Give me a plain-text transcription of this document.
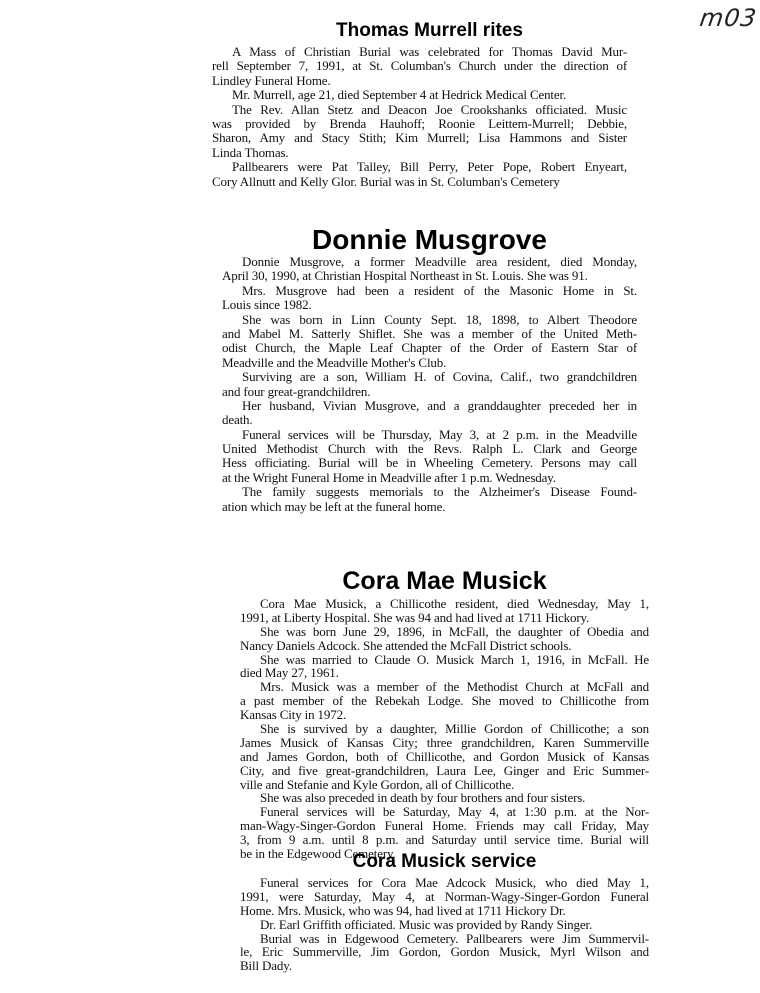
m03
Thomas Murrell rites
A Mass of Christian Burial was celebrated for Thomas David Mur-
rell September 7, 1991, at St. Columban's Church under the direction of
Lindley Funeral Home.
Mr. Murrell, age 21, died September 4 at Hedrick Medical Center.
The Rev. Allan Stetz and Deacon Joe Crookshanks officiated. Music
was provided by Brenda Hauhoff; Roonie Leittem-Murrell; Debbie,
Sharon, Amy and Stacy Stith; Kim Murrell; Lisa Hammons and Sister
Linda Thomas.
Pallbearers were Pat Talley, Bill Perry, Peter Pope, Robert Enyeart,
Cory Allnutt and Kelly Glor. Burial was in St. Columban's Cemetery
Donnie Musgrove
Donnie Musgrove, a former Meadville area resident, died Monday,
April 30, 1990, at Christian Hospital Northeast in St. Louis. She was 91.
Mrs. Musgrove had been a resident of the Masonic Home in St.
Louis since 1982.
She was born in Linn County Sept. 18, 1898, to Albert Theodore
and Mabel M. Satterly Shiflet. She was a member of the United Meth-
odist Church, the Maple Leaf Chapter of the Order of Eastern Star of
Meadville and the Meadville Mother's Club.
Surviving are a son, William H. of Covina, Calif., two grandchildren
and four great-grandchildren.
Her husband, Vivian Musgrove, and a granddaughter preceded her in
death.
Funeral services will be Thursday, May 3, at 2 p.m. in the Meadville
United Methodist Church with the Revs. Ralph L. Clark and George
Hess officiating. Burial will be in Wheeling Cemetery. Persons may call
at the Wright Funeral Home in Meadville after 1 p.m. Wednesday.
The family suggests memorials to the Alzheimer's Disease Found-
ation which may be left at the funeral home.
Cora Mae Musick
Cora Mae Musick, a Chillicothe resident, died Wednesday, May 1,
1991, at Liberty Hospital. She was 94 and had lived at 1711 Hickory.
She was born June 29, 1896, in McFall, the daughter of Obedia and
Nancy Daniels Adcock. She attended the McFall District schools.
She was married to Claude O. Musick March 1, 1916, in McFall. He
died May 27, 1961.
Mrs. Musick was a member of the Methodist Church at McFall and
a past member of the Rebekah Lodge. She moved to Chillicothe from
Kansas City in 1972.
She is survived by a daughter, Millie Gordon of Chillicothe; a son
James Musick of Kansas City; three grandchildren, Karen Summerville
and James Gordon, both of Chillicothe, and Gordon Musick of Kansas
City, and five great-grandchildren, Laura Lee, Ginger and Eric Summer-
ville and Stefanie and Kyle Gordon, all of Chillicothe.
She was also preceded in death by four brothers and four sisters.
Funeral services will be Saturday, May 4, at 1:30 p.m. at the Nor-
man-Wagy-Singer-Gordon Funeral Home. Friends may call Friday, May
3, from 9 a.m. until 8 p.m. and Saturday until service time. Burial will
be in the Edgewood Cemetery.
Cora Musick service
Funeral services for Cora Mae Adcock Musick, who died May 1,
1991, were Saturday, May 4, at Norman-Wagy-Singer-Gordon Funeral
Home. Mrs. Musick, who was 94, had lived at 1711 Hickory Dr.
Dr. Earl Griffith officiated. Music was provided by Randy Singer.
Burial was in Edgewood Cemetery. Pallbearers were Jim Summervil-
le, Eric Summerville, Jim Gordon, Gordon Musick, Myrl Wilson and
Bill Dady.
